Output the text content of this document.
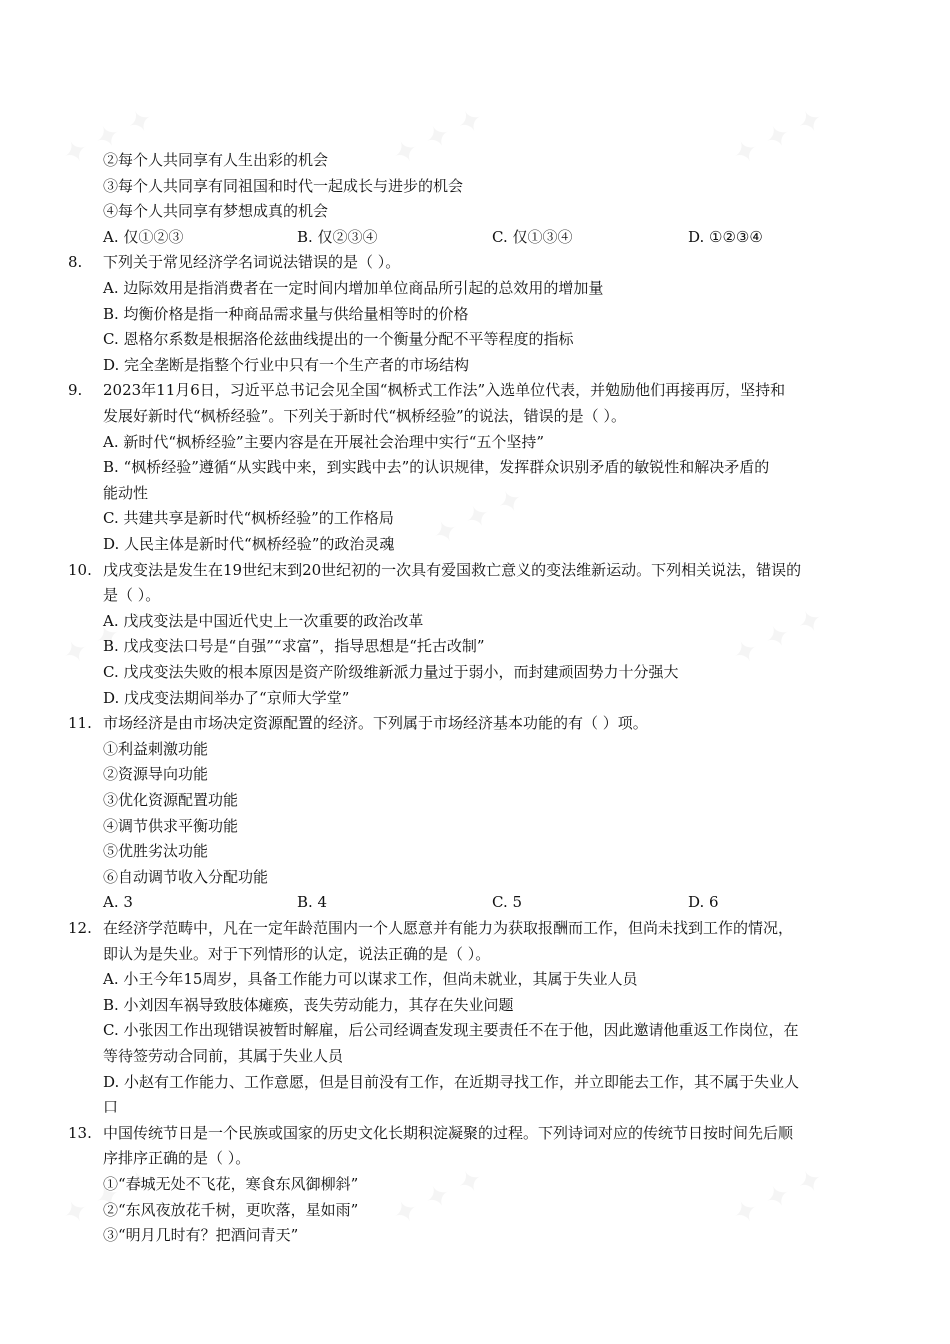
✦ ✦ ✦	✦ ✦ ✦	✦ ✦ ✦
✦ ✦ ✦
✦ ✦ ✦
✦ ✦ ✦
✦ ✦ ✦	✦ ✦ ✦	✦ ✦ ✦
②每个人共同享有人生出彩的机会
③每个人共同享有同祖国和时代一起成长与进步的机会
④每个人共同享有梦想成真的机会
A. 仅①②③	B. 仅②③④	C. 仅①③④	D. ①②③④
8. 下列关于常见经济学名词说法错误的是（ ）。
A. 边际效用是指消费者在一定时间内增加单位商品所引起的总效用的增加量
B. 均衡价格是指一种商品需求量与供给量相等时的价格
C. 恩格尔系数是根据洛伦兹曲线提出的一个衡量分配不平等程度的指标
D. 完全垄断是指整个行业中只有一个生产者的市场结构
9. 2023年11月6日，习近平总书记会见全国“枫桥式工作法”入选单位代表，并勉励他们再接再厉，坚持和
发展好新时代“枫桥经验”。下列关于新时代“枫桥经验”的说法，错误的是（ ）。
A. 新时代“枫桥经验”主要内容是在开展社会治理中实行“五个坚持”
B. “枫桥经验”遵循“从实践中来，到实践中去”的认识规律，发挥群众识别矛盾的敏锐性和解决矛盾的
能动性
C. 共建共享是新时代“枫桥经验”的工作格局
D. 人民主体是新时代“枫桥经验”的政治灵魂
10. 戊戌变法是发生在19世纪末到20世纪初的一次具有爱国救亡意义的变法维新运动。下列相关说法，错误的
是（ ）。
A. 戊戌变法是中国近代史上一次重要的政治改革
B. 戊戌变法口号是“自强”“求富”，指导思想是“托古改制”
C. 戊戌变法失败的根本原因是资产阶级维新派力量过于弱小，而封建顽固势力十分强大
D. 戊戌变法期间举办了“京师大学堂”
11. 市场经济是由市场决定资源配置的经济。下列属于市场经济基本功能的有（ ）项。
①利益刺激功能
②资源导向功能
③优化资源配置功能
④调节供求平衡功能
⑤优胜劣汰功能
⑥自动调节收入分配功能
A. 3	B. 4	C. 5	D. 6
12. 在经济学范畴中，凡在一定年龄范围内一个人愿意并有能力为获取报酬而工作，但尚未找到工作的情况，
即认为是失业。对于下列情形的认定，说法正确的是（ ）。
A. 小王今年15周岁，具备工作能力可以谋求工作，但尚未就业，其属于失业人员
B. 小刘因车祸导致肢体瘫痪，丧失劳动能力，其存在失业问题
C. 小张因工作出现错误被暂时解雇，后公司经调查发现主要责任不在于他，因此邀请他重返工作岗位，在
等待签劳动合同前，其属于失业人员
D. 小赵有工作能力、工作意愿，但是目前没有工作，在近期寻找工作，并立即能去工作，其不属于失业人
口
13. 中国传统节日是一个民族或国家的历史文化长期积淀凝聚的过程。下列诗词对应的传统节日按时间先后顺
序排序正确的是（ ）。
①“春城无处不飞花，寒食东风御柳斜”
②“东风夜放花千树，更吹落，星如雨”
③“明月几时有？把酒问青天”
